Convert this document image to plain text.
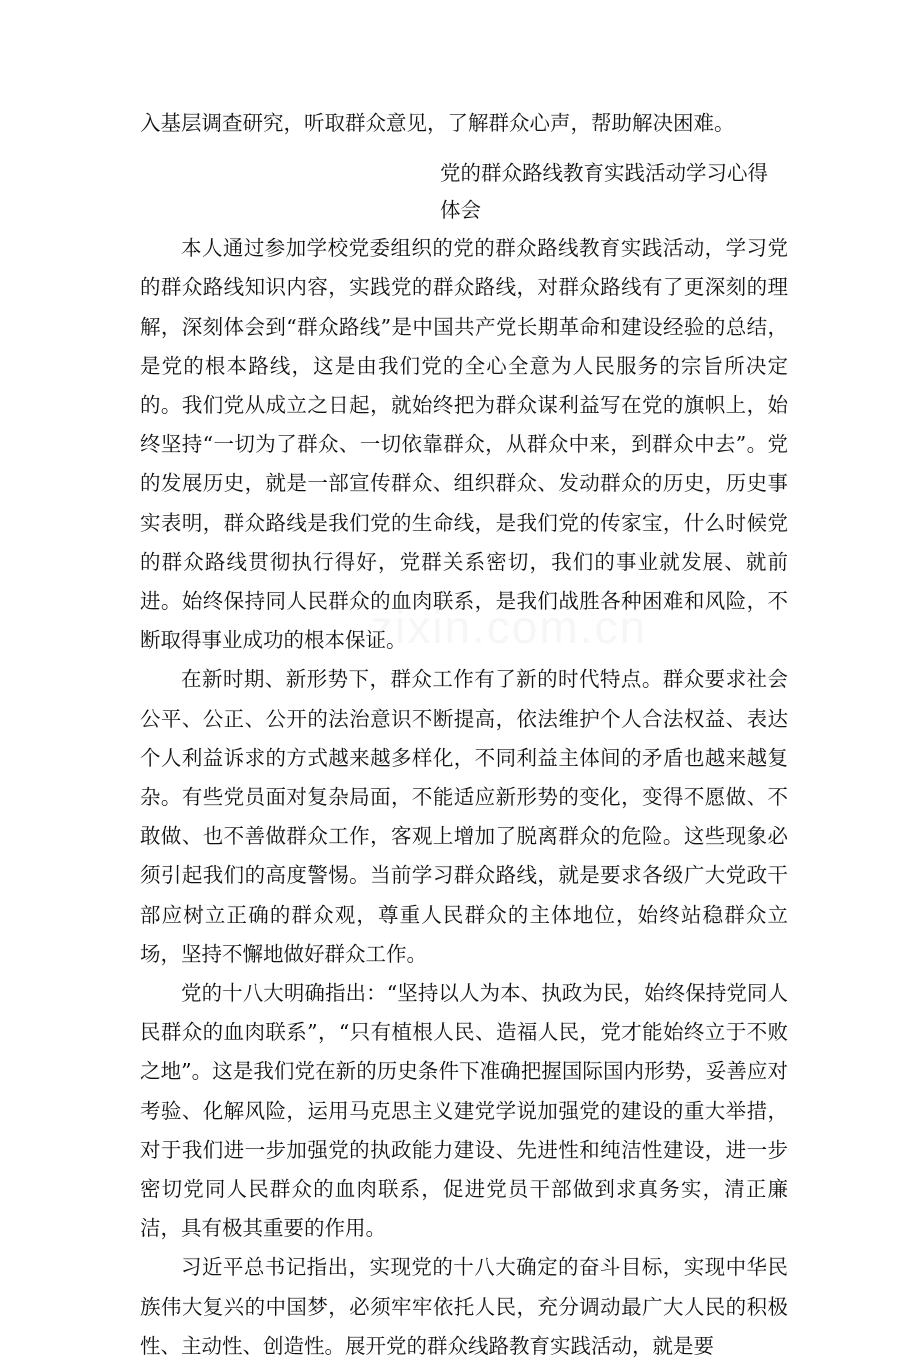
zixin.com.cn

入基层调查研究，听取群众意见，了解群众心声，帮助解决困难。

党的群众路线教育实践活动学习心得
体会

本人通过参加学校党委组织的党的群众路线教育实践活动，学习党的群众路线知识内容，实践党的群众路线，对群众路线有了更深刻的理解，深刻体会到“群众路线”是中国共产党长期革命和建设经验的总结，是党的根本路线，这是由我们党的全心全意为人民服务的宗旨所决定的。我们党从成立之日起，就始终把为群众谋利益写在党的旗帜上，始终坚持“一切为了群众、一切依靠群众，从群众中来，到群众中去”。党的发展历史，就是一部宣传群众、组织群众、发动群众的历史，历史事实表明，群众路线是我们党的生命线，是我们党的传家宝，什么时候党的群众路线贯彻执行得好，党群关系密切，我们的事业就发展、就前进。始终保持同人民群众的血肉联系，是我们战胜各种困难和风险，不断取得事业成功的根本保证。

在新时期、新形势下，群众工作有了新的时代特点。群众要求社会公平、公正、公开的法治意识不断提高，依法维护个人合法权益、表达个人利益诉求的方式越来越多样化，不同利益主体间的矛盾也越来越复杂。有些党员面对复杂局面，不能适应新形势的变化，变得不愿做、不敢做、也不善做群众工作，客观上增加了脱离群众的危险。这些现象必须引起我们的高度警惕。当前学习群众路线，就是要求各级广大党政干部应树立正确的群众观，尊重人民群众的主体地位，始终站稳群众立场，坚持不懈地做好群众工作。

党的十八大明确指出：“坚持以人为本、执政为民，始终保持党同人民群众的血肉联系”，“只有植根人民、造福人民，党才能始终立于不败之地”。这是我们党在新的历史条件下准确把握国际国内形势，妥善应对考验、化解风险，运用马克思主义建党学说加强党的建设的重大举措，对于我们进一步加强党的执政能力建设、先进性和纯洁性建设，进一步密切党同人民群众的血肉联系，促进党员干部做到求真务实，清正廉洁，具有极其重要的作用。

习近平总书记指出，实现党的十八大确定的奋斗目标，实现中华民族伟大复兴的中国梦，必须牢牢依托人民，充分调动最广大人民的积极性、主动性、创造性。展开党的群众线路教育实践活动，就是要
